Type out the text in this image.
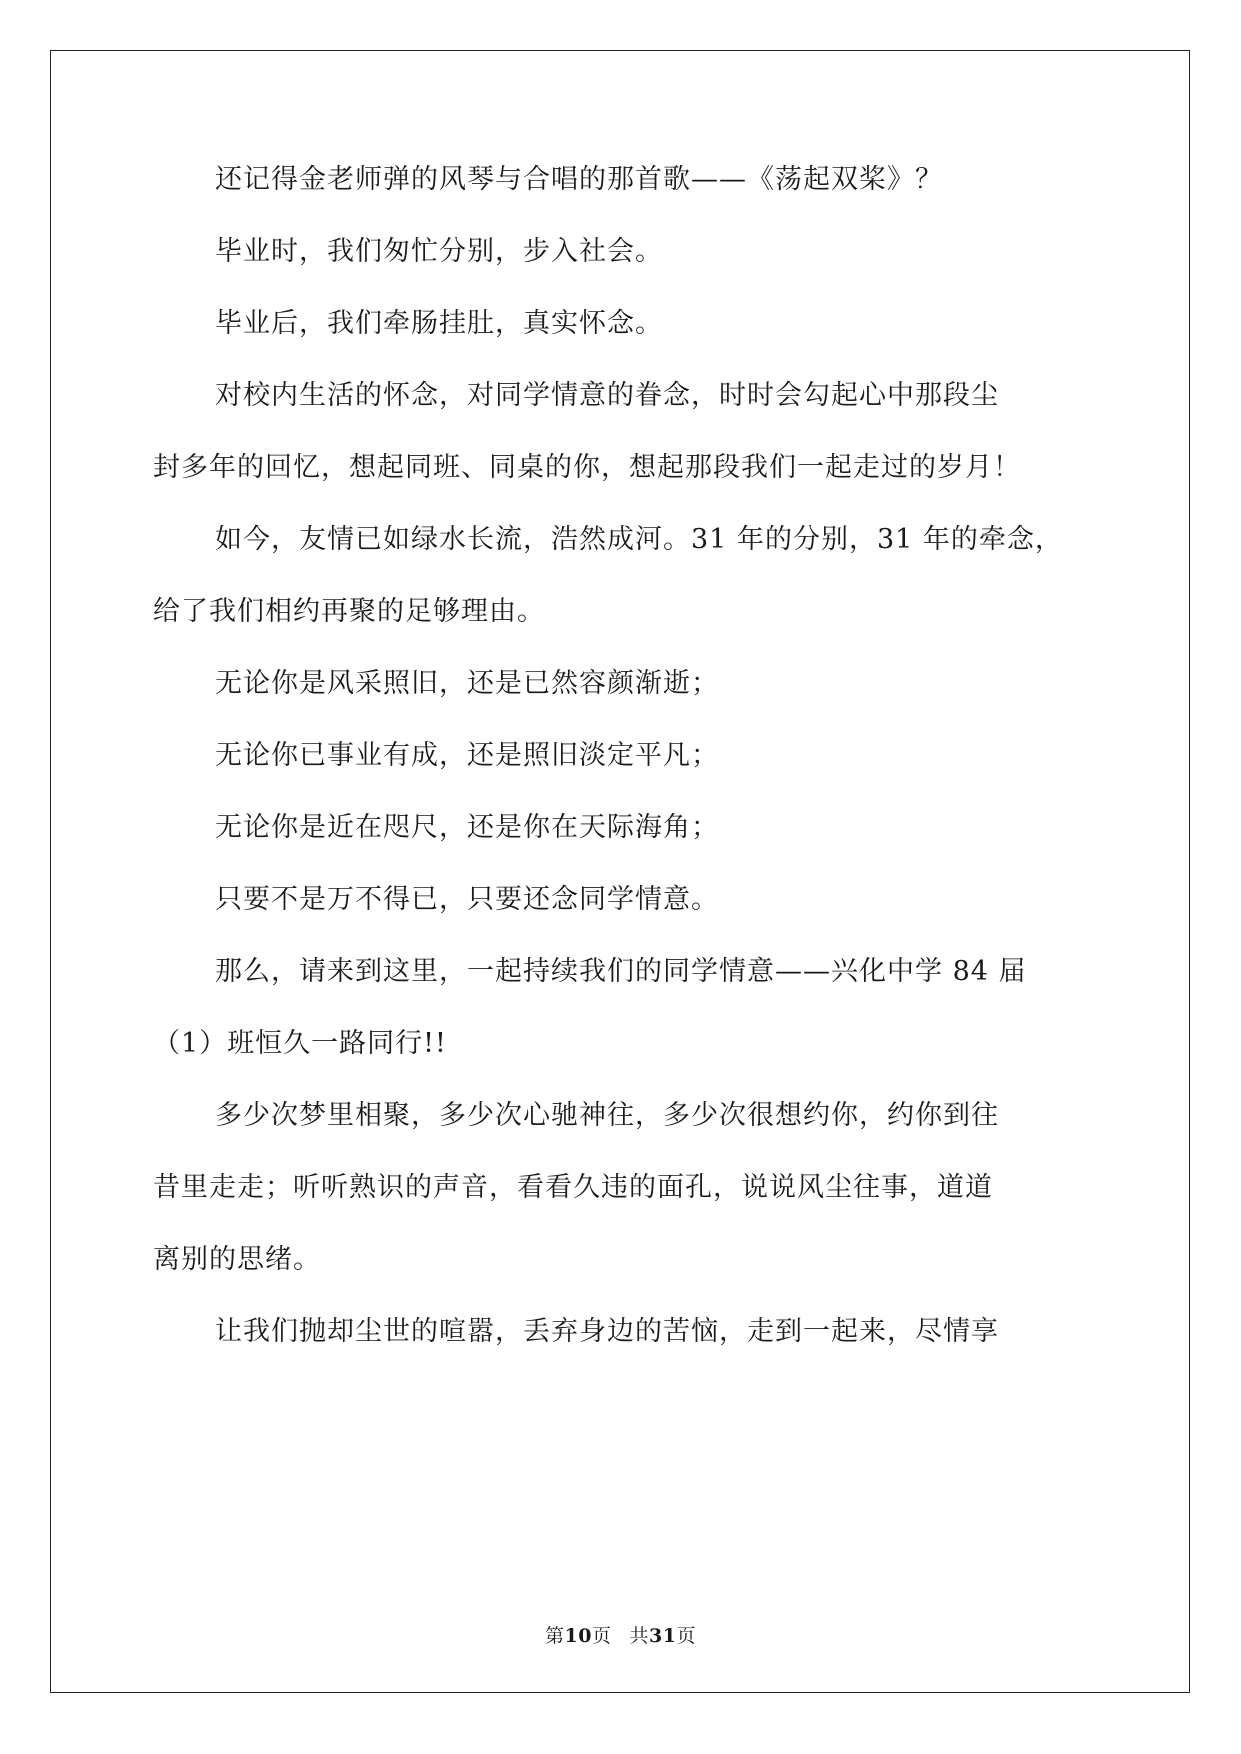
还记得金老师弹的风琴与合唱的那首歌——《荡起双桨》？
毕业时，我们匆忙分别，步入社会。
毕业后，我们牵肠挂肚，真实怀念。
对校内生活的怀念，对同学情意的眷念，时时会勾起心中那段尘
封多年的回忆，想起同班、同桌的你，想起那段我们一起走过的岁月！
如今，友情已如绿水长流，浩然成河。31 年的分别，31 年的牵念，
给了我们相约再聚的足够理由。
无论你是风采照旧，还是已然容颜渐逝；
无论你已事业有成，还是照旧淡定平凡；
无论你是近在咫尺，还是你在天际海角；
只要不是万不得已，只要还念同学情意。
那么，请来到这里，一起持续我们的同学情意——兴化中学 84 届
（1）班恒久一路同行!!
多少次梦里相聚，多少次心驰神往，多少次很想约你，约你到往
昔里走走；听听熟识的声音，看看久违的面孔，说说风尘往事，道道
离别的思绪。
让我们抛却尘世的喧嚣，丢弃身边的苦恼，走到一起来，尽情享
第10页 共31页
